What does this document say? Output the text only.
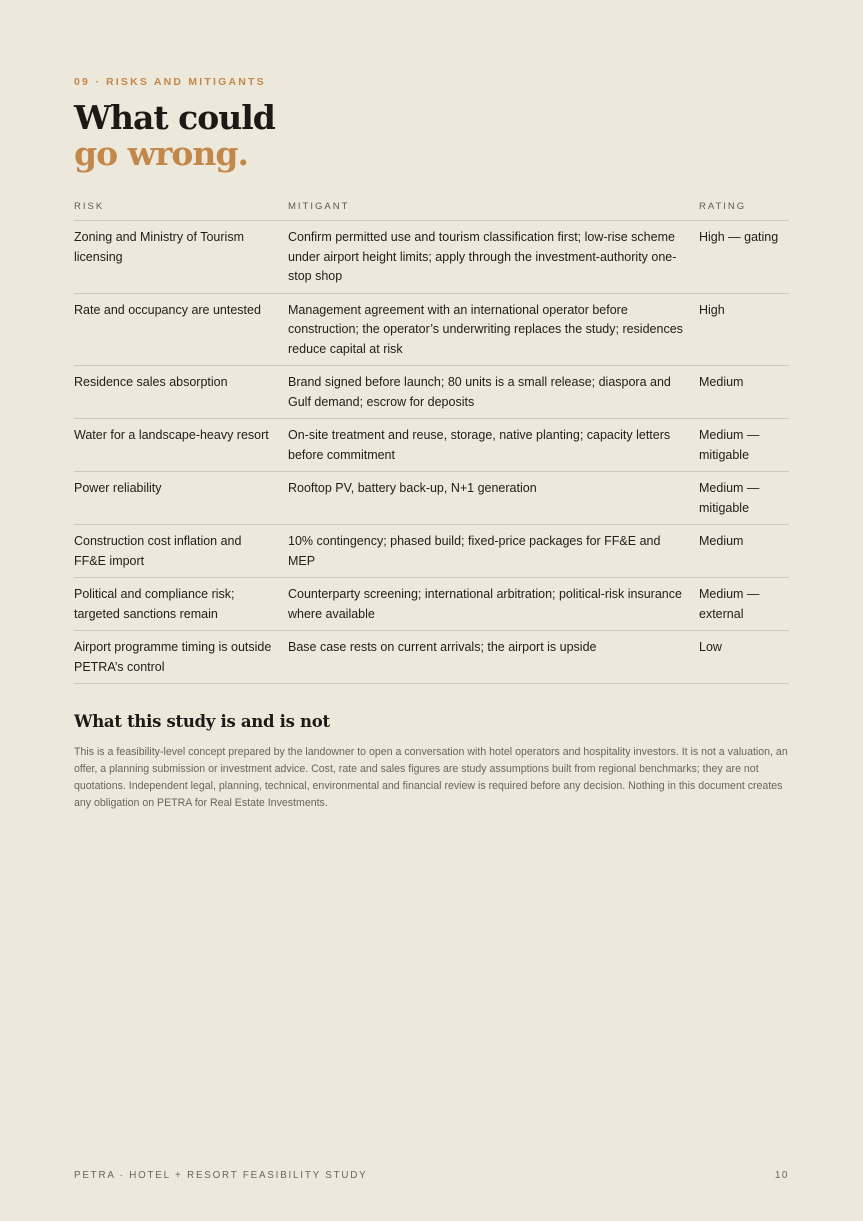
09 · RISKS AND MITIGANTS
What could
go wrong.
RISK	MITIGANT	RATING
Zoning and Ministry of Tourism licensing	Confirm permitted use and tourism classification first; low-rise scheme under airport height limits; apply through the investment-authority one-stop shop	High — gating
Rate and occupancy are untested	Management agreement with an international operator before construction; the operator’s underwriting replaces the study; residences reduce capital at risk	High
Residence sales absorption	Brand signed before launch; 80 units is a small release; diaspora and Gulf demand; escrow for deposits	Medium
Water for a landscape-heavy resort	On-site treatment and reuse, storage, native planting; capacity letters before commitment	Medium — mitigable
Power reliability	Rooftop PV, battery back-up, N+1 generation	Medium — mitigable
Construction cost inflation and FF&E import	10% contingency; phased build; fixed-price packages for FF&E and MEP	Medium
Political and compliance risk; targeted sanctions remain	Counterparty screening; international arbitration; political-risk insurance where available	Medium — external
Airport programme timing is outside PETRA’s control	Base case rests on current arrivals; the airport is upside	Low
What this study is and is not

This is a feasibility-level concept prepared by the landowner to open a conversation with hotel operators and hospitality investors. It is not a valuation, an offer, a planning submission or investment advice. Cost, rate and sales figures are study assumptions built from regional benchmarks; they are not quotations. Independent legal, planning, technical, environmental and financial review is required before any decision. Nothing in this document creates any obligation on PETRA for Real Estate Investments.

PETRA · HOTEL + RESORT FEASIBILITY STUDY	10
